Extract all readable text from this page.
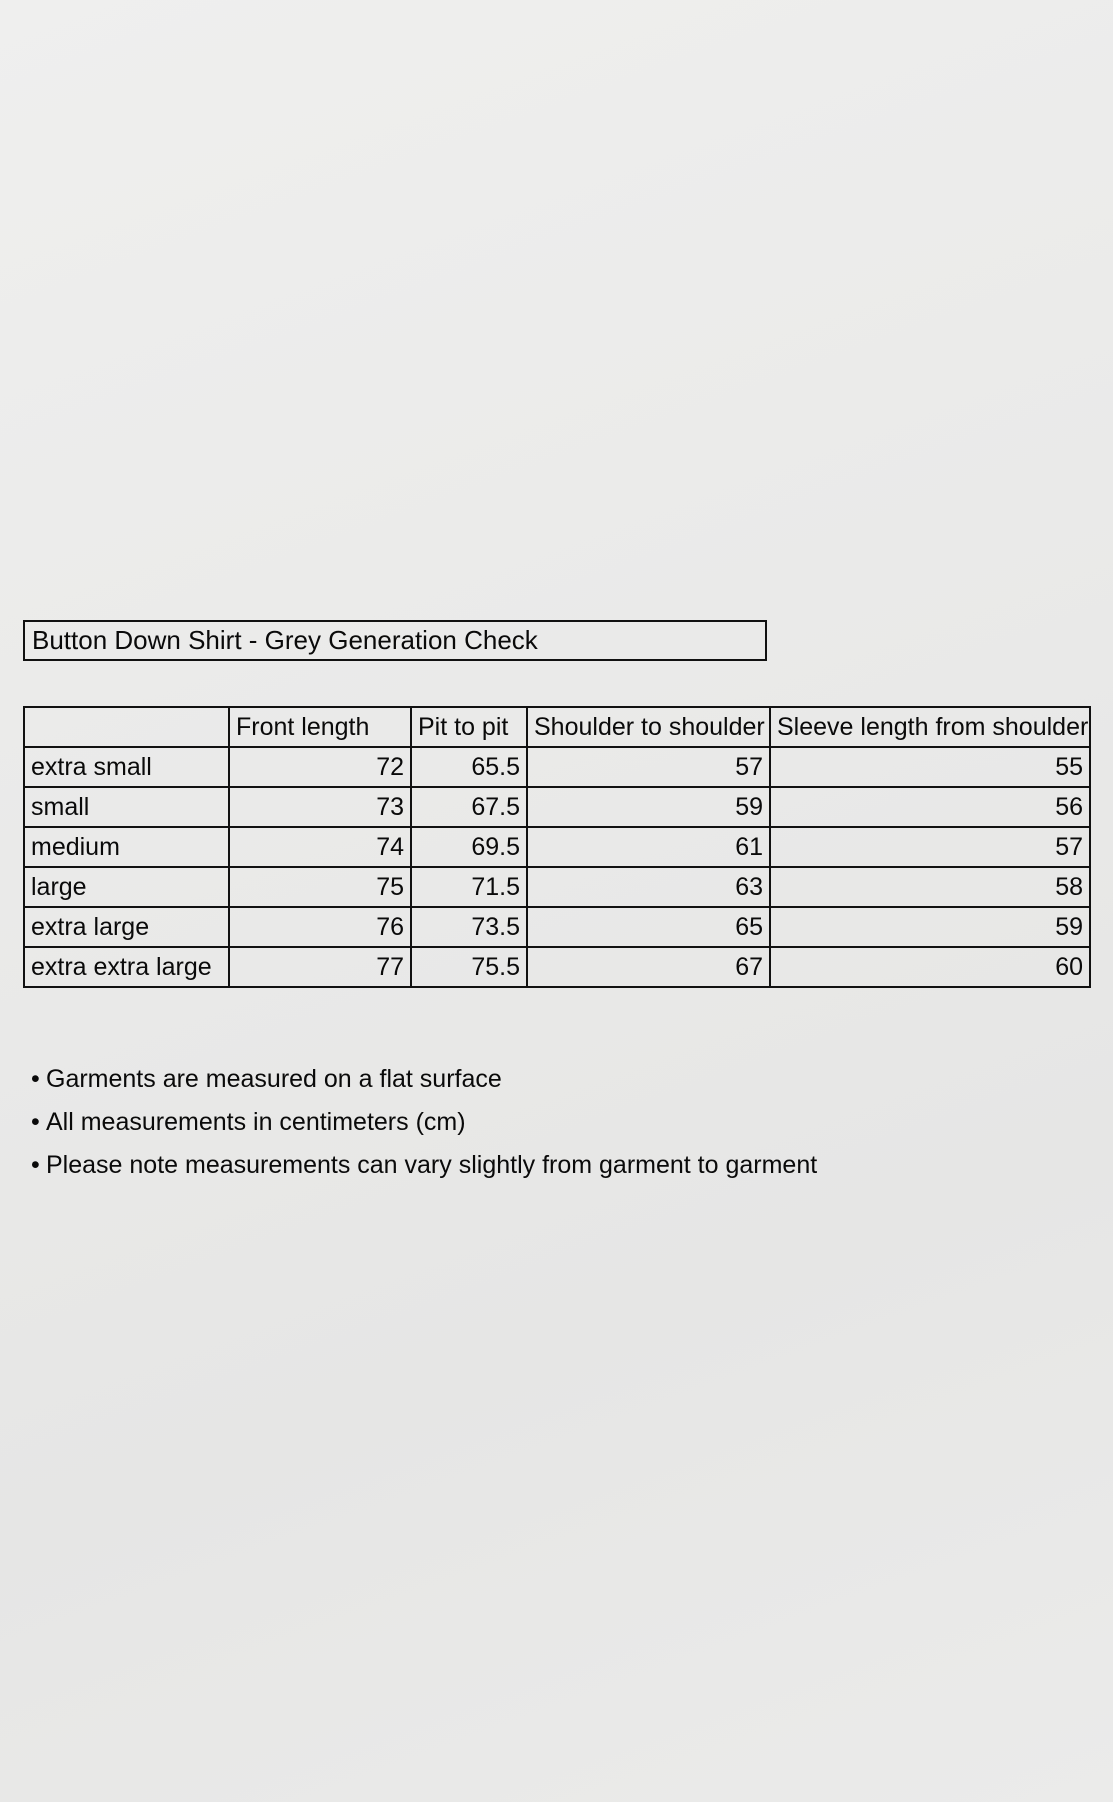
Button Down Shirt - Grey Generation Check
	Front length	Pit to pit	Shoulder to shoulder	Sleeve length from shoulder
extra small	72	65.5	57	55
small	73	67.5	59	56
medium	74	69.5	61	57
large	75	71.5	63	58
extra large	76	73.5	65	59
extra extra large	77	75.5	67	60
• Garments are measured on a flat surface
• All measurements in centimeters (cm)
• Please note measurements can vary slightly from garment to garment
